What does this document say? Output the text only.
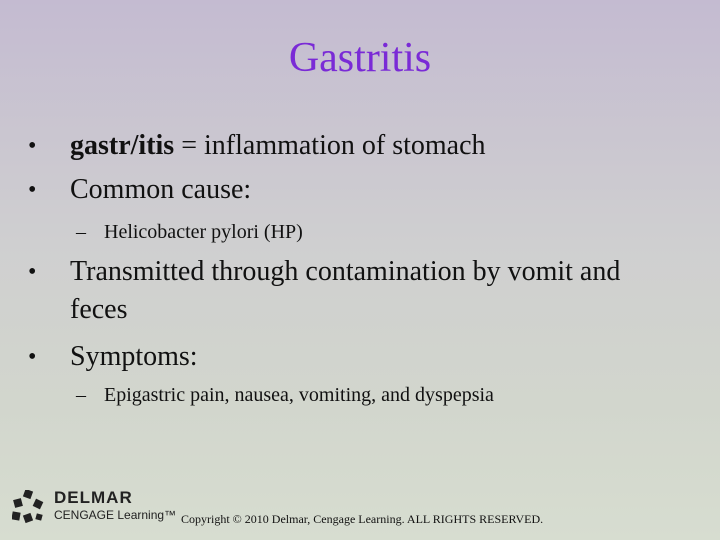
Gastritis
•	gastr/itis = inflammation of stomach
•	Common cause:
– Helicobacter pylori (HP)
•	Transmitted through contamination by vomit and feces
•	Symptoms:
– Epigastric pain, nausea, vomiting, and dyspepsia
DELMAR
CENGAGE Learning™ Copyright © 2010 Delmar, Cengage Learning. ALL RIGHTS RESERVED.
